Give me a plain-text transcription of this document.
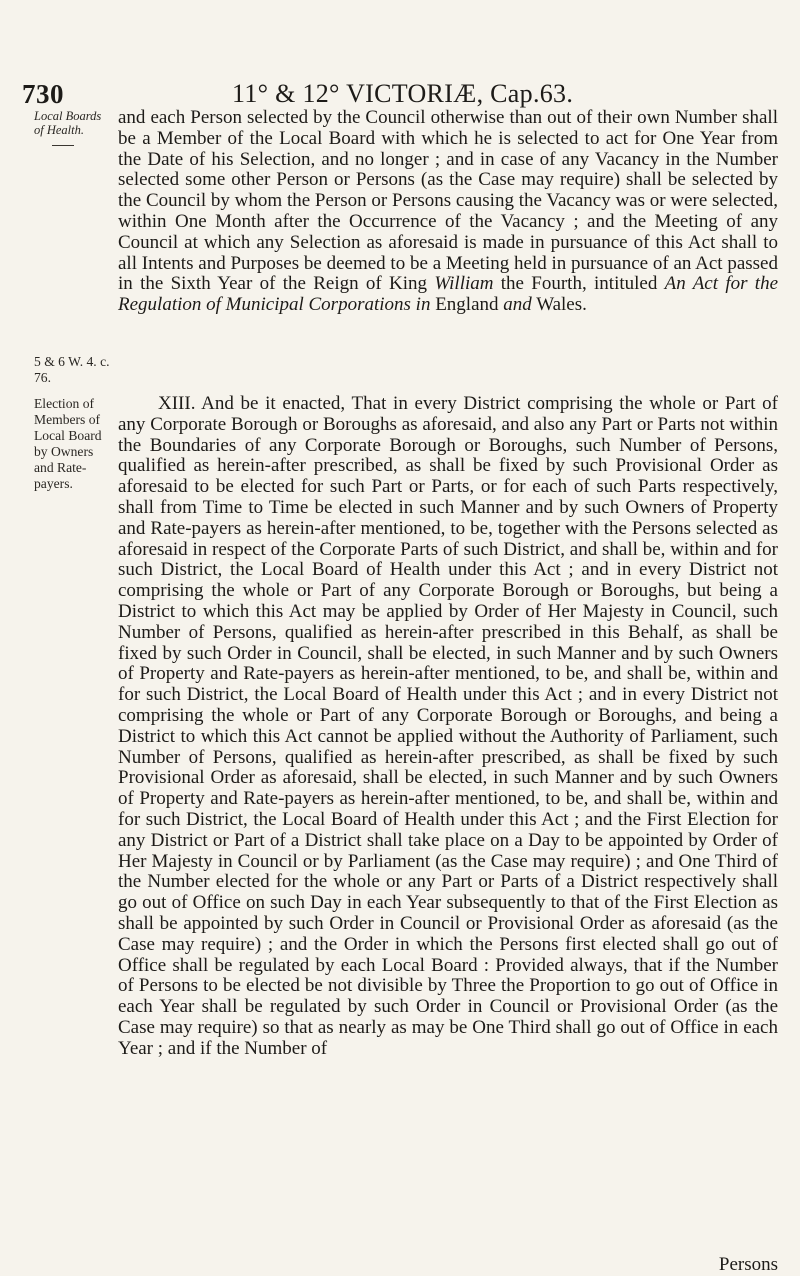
730	11° & 12° VICTORIÆ, Cap.63.
Local Boards of Health.
5 & 6 W. 4. c. 76.
Election of Members of Local Board by Owners and Rate-payers.
and each Person selected by the Council otherwise than out of their own Number shall be a Member of the Local Board with which he is selected to act for One Year from the Date of his Selection, and no longer ; and in case of any Vacancy in the Number selected some other Person or Persons (as the Case may require) shall be selected by the Council by whom the Person or Persons causing the Vacancy was or were selected, within One Month after the Occurrence of the Vacancy ; and the Meeting of any Council at which any Selection as aforesaid is made in pursuance of this Act shall to all Intents and Purposes be deemed to be a Meeting held in pursuance of an Act passed in the Sixth Year of the Reign of King William the Fourth, intituled An Act for the Regulation of Municipal Corporations in England and Wales.
XIII. And be it enacted, That in every District comprising the whole or Part of any Corporate Borough or Boroughs as aforesaid, and also any Part or Parts not within the Boundaries of any Corporate Borough or Boroughs, such Number of Persons, qualified as herein-after prescribed, as shall be fixed by such Provisional Order as aforesaid to be elected for such Part or Parts, or for each of such Parts respectively, shall from Time to Time be elected in such Manner and by such Owners of Property and Rate-payers as herein-after mentioned, to be, together with the Persons selected as aforesaid in respect of the Corporate Parts of such District, and shall be, within and for such District, the Local Board of Health under this Act ; and in every District not comprising the whole or Part of any Corporate Borough or Boroughs, but being a District to which this Act may be applied by Order of Her Majesty in Council, such Number of Persons, qualified as herein-after prescribed in this Behalf, as shall be fixed by such Order in Council, shall be elected, in such Manner and by such Owners of Property and Rate-payers as herein-after mentioned, to be, and shall be, within and for such District, the Local Board of Health under this Act ; and in every District not comprising the whole or Part of any Corporate Borough or Boroughs, and being a District to which this Act cannot be applied without the Authority of Parliament, such Number of Persons, qualified as herein-after prescribed, as shall be fixed by such Provisional Order as aforesaid, shall be elected, in such Manner and by such Owners of Property and Rate-payers as herein-after mentioned, to be, and shall be, within and for such District, the Local Board of Health under this Act ; and the First Election for any District or Part of a District shall take place on a Day to be appointed by Order of Her Majesty in Council or by Parliament (as the Case may require) ; and One Third of the Number elected for the whole or any Part or Parts of a District respectively shall go out of Office on such Day in each Year subsequently to that of the First Election as shall be appointed by such Order in Council or Provisional Order as aforesaid (as the Case may require) ; and the Order in which the Persons first elected shall go out of Office shall be regulated by each Local Board : Provided always, that if the Number of Persons to be elected be not divisible by Three the Proportion to go out of Office in each Year shall be regulated by such Order in Council or Provisional Order (as the Case may require) so that as nearly as may be One Third shall go out of Office in each Year ; and if the Number of
Persons
